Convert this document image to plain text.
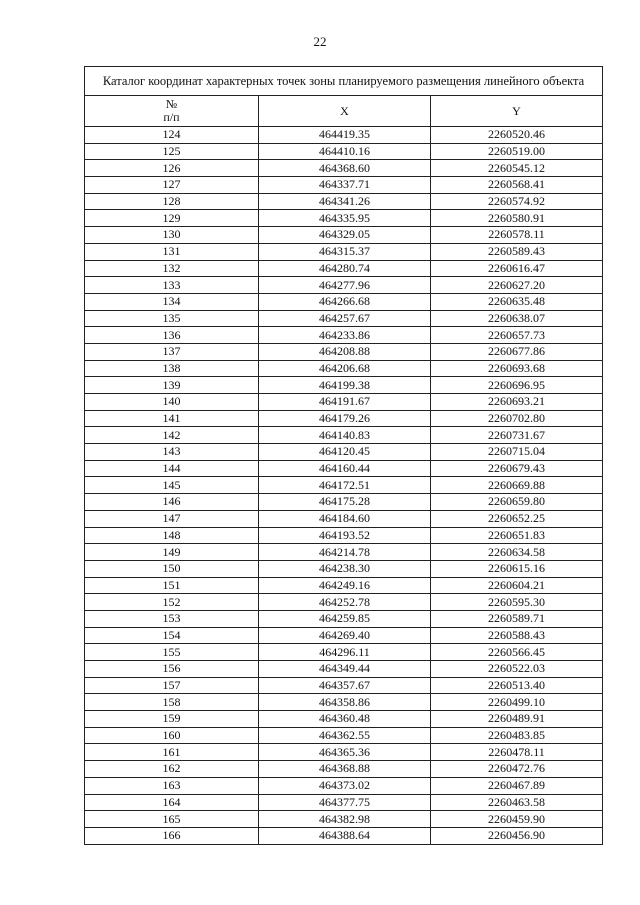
22
Каталог координат характерных точек зоны планируемого размещения линейного объекта		
№
п/п	X	Y
124	464419.35	2260520.46
125	464410.16	2260519.00
126	464368.60	2260545.12
127	464337.71	2260568.41
128	464341.26	2260574.92
129	464335.95	2260580.91
130	464329.05	2260578.11
131	464315.37	2260589.43
132	464280.74	2260616.47
133	464277.96	2260627.20
134	464266.68	2260635.48
135	464257.67	2260638.07
136	464233.86	2260657.73
137	464208.88	2260677.86
138	464206.68	2260693.68
139	464199.38	2260696.95
140	464191.67	2260693.21
141	464179.26	2260702.80
142	464140.83	2260731.67
143	464120.45	2260715.04
144	464160.44	2260679.43
145	464172.51	2260669.88
146	464175.28	2260659.80
147	464184.60	2260652.25
148	464193.52	2260651.83
149	464214.78	2260634.58
150	464238.30	2260615.16
151	464249.16	2260604.21
152	464252.78	2260595.30
153	464259.85	2260589.71
154	464269.40	2260588.43
155	464296.11	2260566.45
156	464349.44	2260522.03
157	464357.67	2260513.40
158	464358.86	2260499.10
159	464360.48	2260489.91
160	464362.55	2260483.85
161	464365.36	2260478.11
162	464368.88	2260472.76
163	464373.02	2260467.89
164	464377.75	2260463.58
165	464382.98	2260459.90
166	464388.64	2260456.90
